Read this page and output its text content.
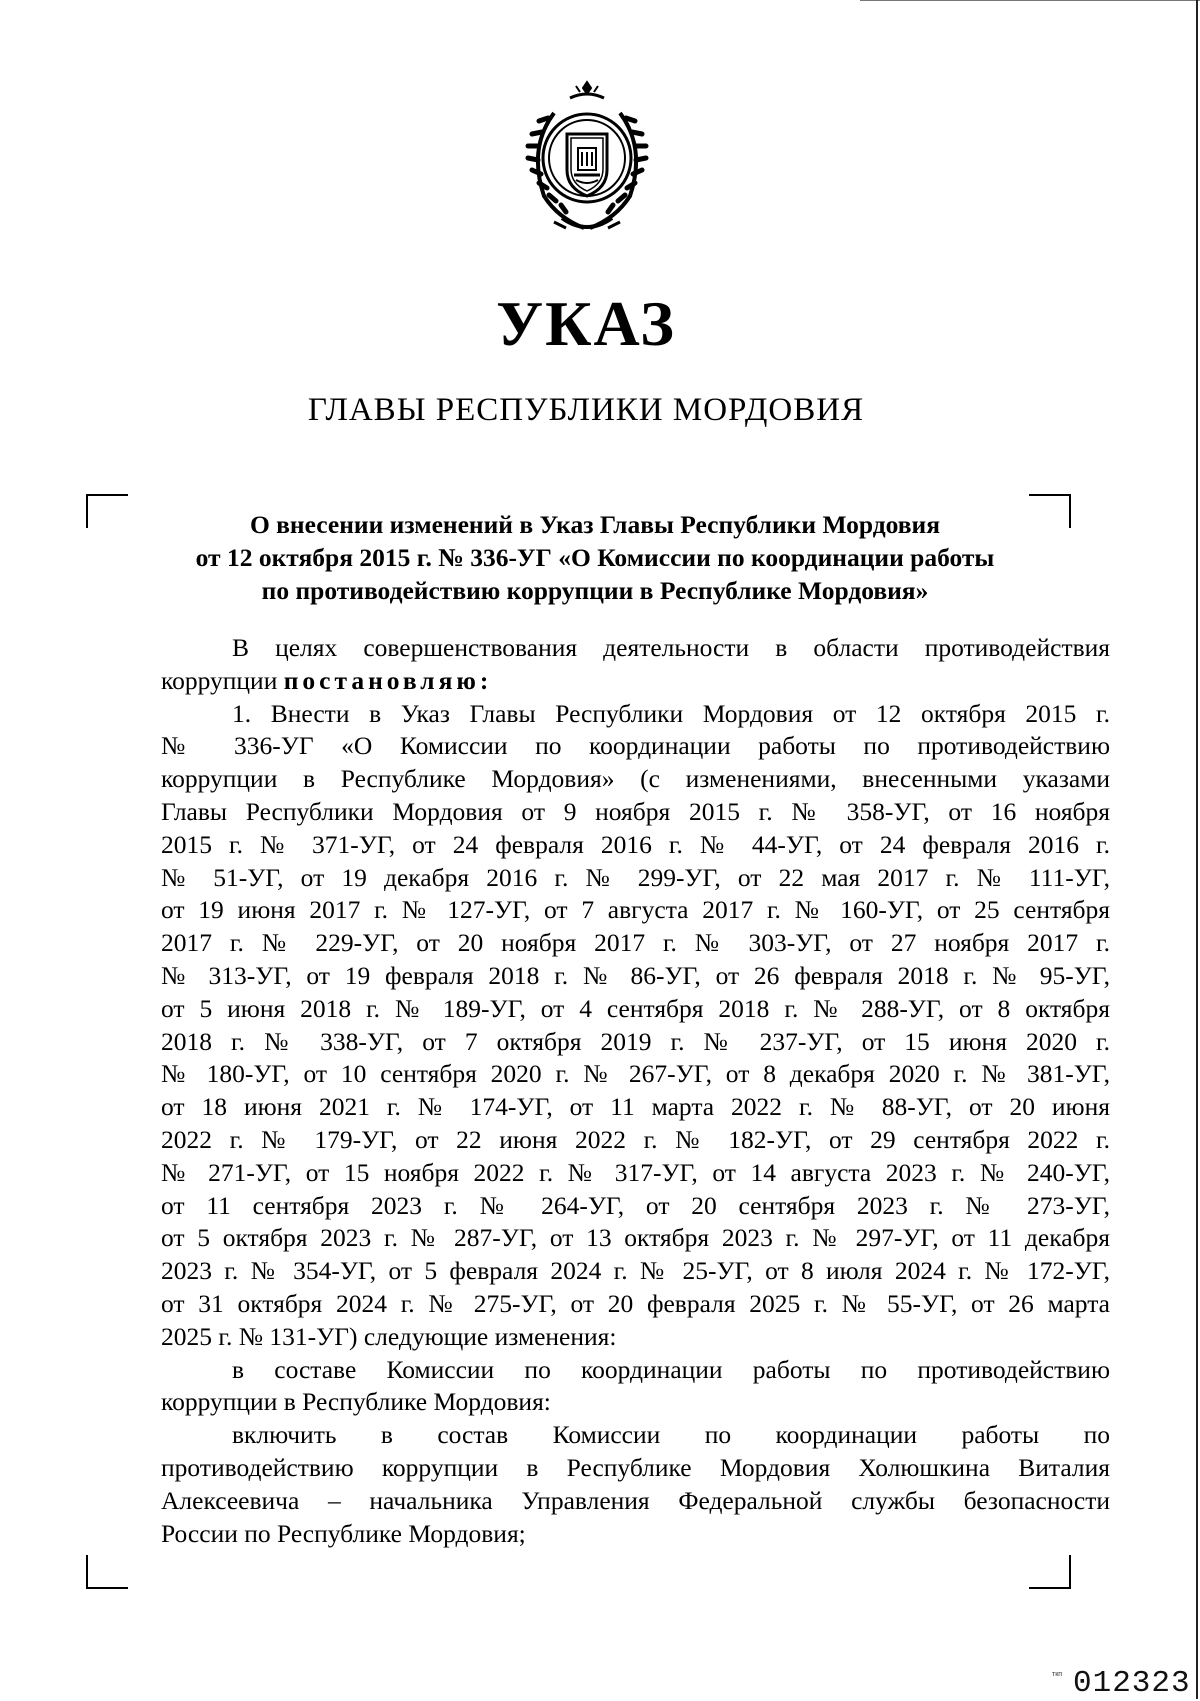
УКАЗ
ГЛАВЫ РЕСПУБЛИКИ МОРДОВИЯ
О внесении изменений в Указ Главы Республики Мордовия
от 12 октября 2015 г. № 336-УГ «О Комиссии по координации работы
по противодействию коррупции в Республике Мордовия»
В целях совершенствования деятельности в области противодействия
коррупции постановляю:
1. Внести в Указ Главы Республики Мордовия от 12 октября 2015 г.
№ 336-УГ «О Комиссии по координации работы по противодействию
коррупции в Республике Мордовия» (с изменениями, внесенными указами
Главы Республики Мордовия от 9 ноября 2015 г. № 358-УГ, от 16 ноября
2015 г. № 371-УГ, от 24 февраля 2016 г. № 44-УГ, от 24 февраля 2016 г.
№ 51-УГ, от 19 декабря 2016 г. № 299-УГ, от 22 мая 2017 г. № 111-УГ,
от 19 июня 2017 г. № 127-УГ, от 7 августа 2017 г. № 160-УГ, от 25 сентября
2017 г. № 229-УГ, от 20 ноября 2017 г. № 303-УГ, от 27 ноября 2017 г.
№ 313-УГ, от 19 февраля 2018 г. № 86-УГ, от 26 февраля 2018 г. № 95-УГ,
от 5 июня 2018 г. № 189-УГ, от 4 сентября 2018 г. № 288-УГ, от 8 октября
2018 г. № 338-УГ, от 7 октября 2019 г. № 237-УГ, от 15 июня 2020 г.
№ 180-УГ, от 10 сентября 2020 г. № 267-УГ, от 8 декабря 2020 г. № 381-УГ,
от 18 июня 2021 г. № 174-УГ, от 11 марта 2022 г. № 88-УГ, от 20 июня
2022 г. № 179-УГ, от 22 июня 2022 г. № 182-УГ, от 29 сентября 2022 г.
№ 271-УГ, от 15 ноября 2022 г. № 317-УГ, от 14 августа 2023 г. № 240-УГ,
от 11 сентября 2023 г. № 264-УГ, от 20 сентября 2023 г. № 273-УГ,
от 5 октября 2023 г. № 287-УГ, от 13 октября 2023 г. № 297-УГ, от 11 декабря
2023 г. № 354-УГ, от 5 февраля 2024 г. № 25-УГ, от 8 июля 2024 г. № 172-УГ,
от 31 октября 2024 г. № 275-УГ, от 20 февраля 2025 г. № 55-УГ, от 26 марта
2025 г. № 131-УГ) следующие изменения:
в составе Комиссии по координации работы по противодействию
коррупции в Республике Мордовия:
включить в состав Комиссии по координации работы по
противодействию коррупции в Республике Мордовия Холюшкина Виталия
Алексеевича – начальника Управления Федеральной службы безопасности
России по Республике Мордовия;
ткп 012323
